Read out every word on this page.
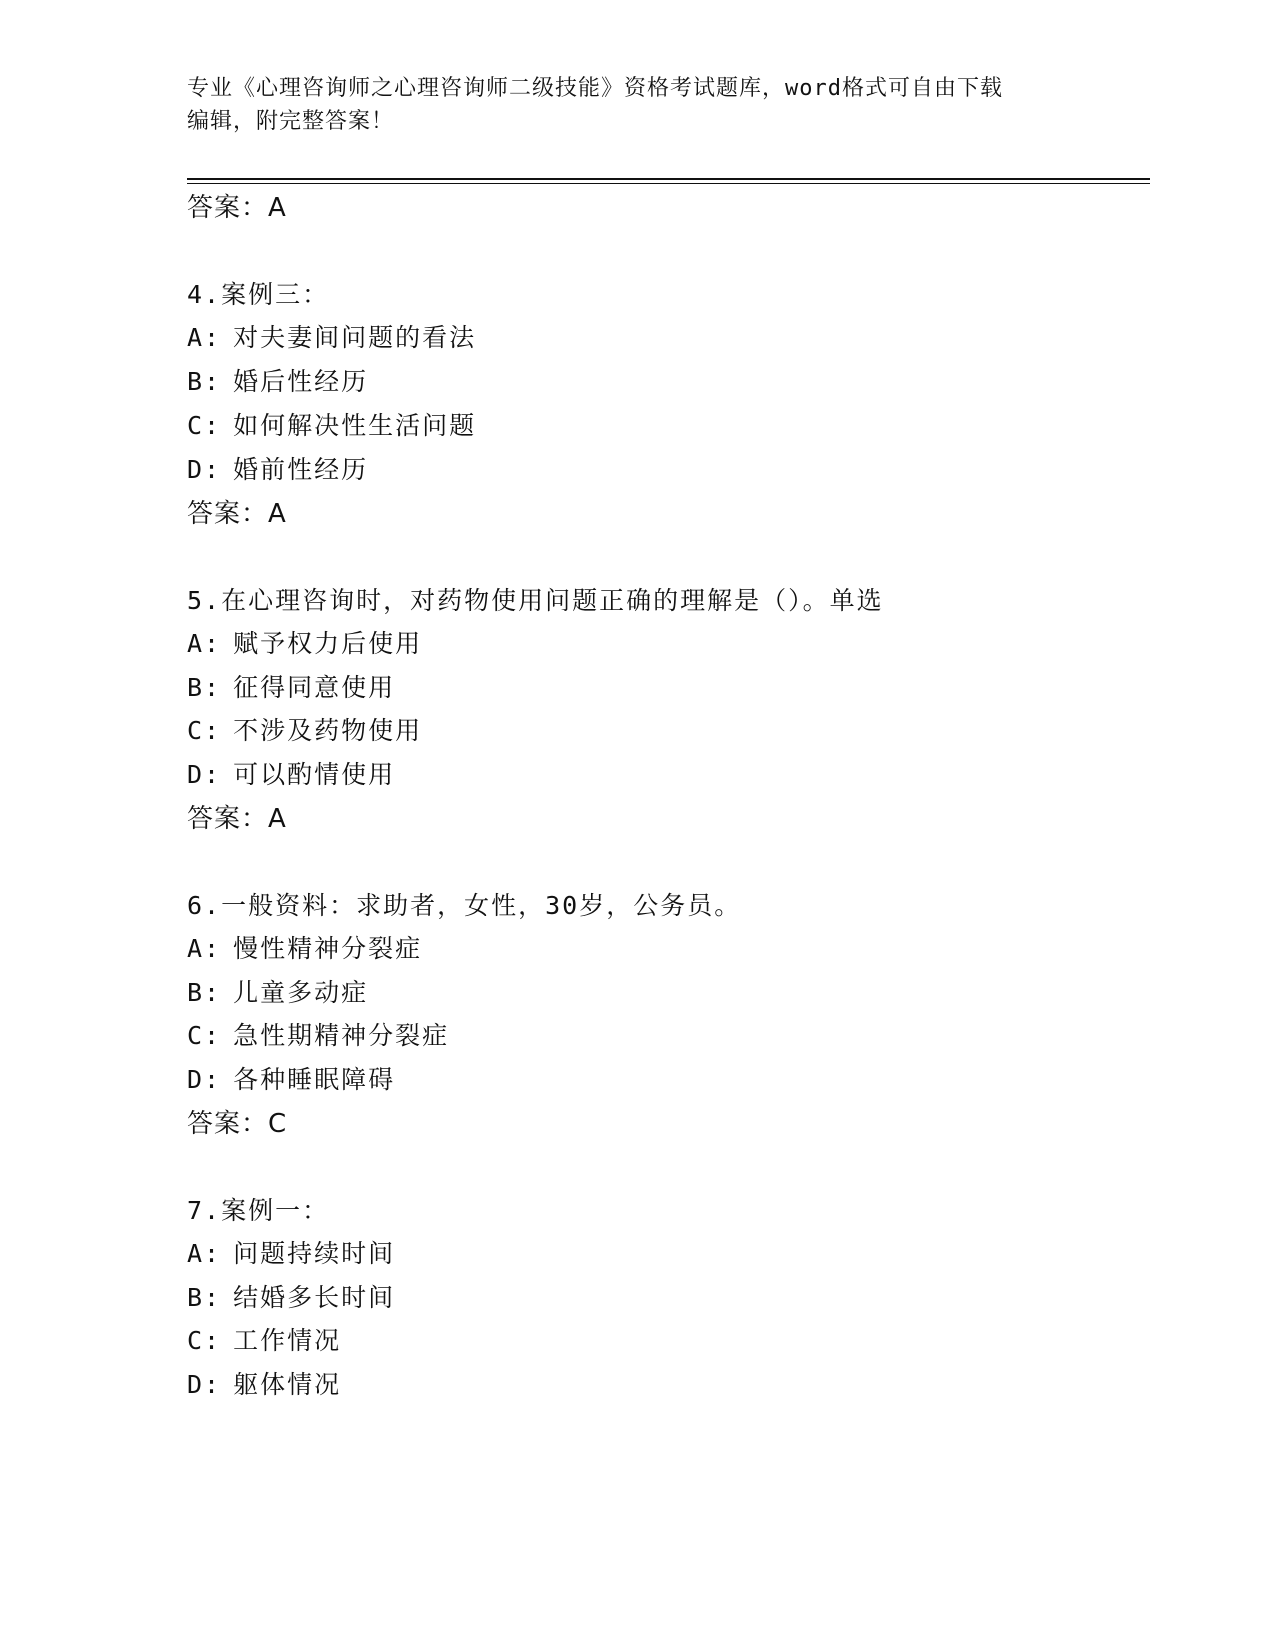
专业《心理咨询师之心理咨询师二级技能》资格考试题库，word格式可自由下载
编辑，附完整答案！
答案：A
4.案例三：
A: 对夫妻间问题的看法
B: 婚后性经历
C: 如何解决性生活问题
D: 婚前性经历
答案：A
5.在心理咨询时，对药物使用问题正确的理解是（）。单选
A: 赋予权力后使用
B: 征得同意使用
C: 不涉及药物使用
D: 可以酌情使用
答案：A
6.一般资料：求助者，女性，30岁，公务员。
A: 慢性精神分裂症
B: 儿童多动症
C: 急性期精神分裂症
D: 各种睡眠障碍
答案：C
7.案例一：
A: 问题持续时间
B: 结婚多长时间
C: 工作情况
D: 躯体情况
